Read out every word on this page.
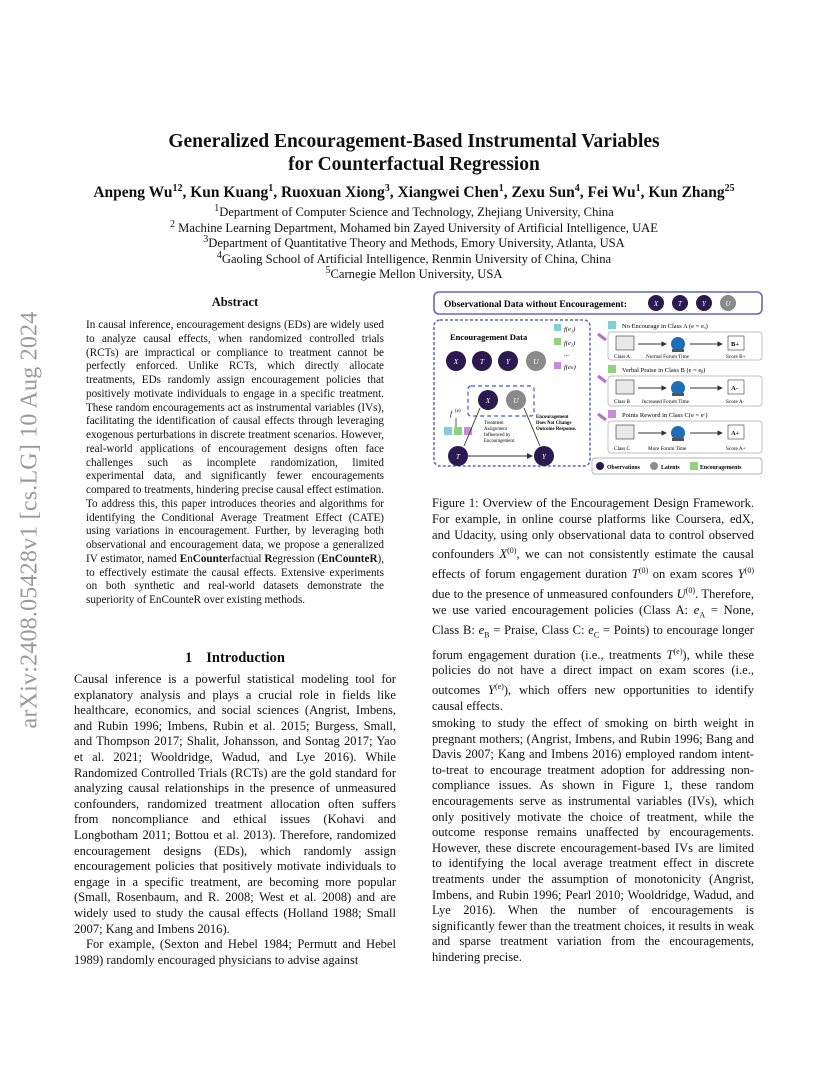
arXiv:2408.05428v1 [cs.LG] 10 Aug 2024
Generalized Encouragement-Based Instrumental Variables
for Counterfactual Regression
Anpeng Wu$^{12}$, Kun Kuang$^1$, Ruoxuan Xiong$^3$, Xiangwei Chen$^1$, Zexu Sun$^4$, Fei Wu$^1$, Kun Zhang$^{25}$
$^1$Department of Computer Science and Technology, Zhejiang University, China
$^2$ Machine Learning Department, Mohamed bin Zayed University of Artificial Intelligence, UAE
$^3$Department of Quantitative Theory and Methods, Emory University, Atlanta, USA
$^4$Gaoling School of Artificial Intelligence, Renmin University of China, China
$^5$Carnegie Mellon University, USA
Abstract
In causal inference, encouragement designs (EDs) are widely used to analyze causal effects, when randomized controlled trials (RCTs) are impractical or compliance to treatment cannot be perfectly enforced. Unlike RCTs, which directly allocate treatments, EDs randomly assign encouragement policies that positively motivate individuals to engage in a specific treatment. These random encouragements act as instrumental variables (IVs), facilitating the identification of causal effects through leveraging exogenous perturbations in discrete treatment scenarios. However, real-world applications of encouragement designs often face challenges such as incomplete randomization, limited experimental data, and significantly fewer encouragements compared to treatments, hindering precise causal effect estimation. To address this, this paper introduces theories and algorithms for identifying the Conditional Average Treatment Effect (CATE) using variations in encouragement. Further, by leveraging both observational and encouragement data, we propose a generalized IV estimator, named EnCounterfactual Regression (EnCounteR), to effectively estimate the causal effects. Extensive experiments on both synthetic and real-world datasets demonstrate the superiority of EnCounteR over existing methods.
1 Introduction

Causal inference is a powerful statistical modeling tool for explanatory analysis and plays a crucial role in fields like healthcare, economics, and social sciences (Angrist, Imbens, and Rubin 1996; Imbens, Rubin et al. 2015; Burgess, Small, and Thompson 2017; Shalit, Johansson, and Sontag 2017; Yao et al. 2021; Wooldridge, Wadud, and Lye 2016). While Randomized Controlled Trials (RCTs) are the gold standard for analyzing causal relationships in the presence of unmeasured confounders, randomized treatment allocation often suffers from noncompliance and ethical issues (Kohavi and Longbotham 2011; Bottou et al. 2013). Therefore, randomized encouragement designs (EDs), which randomly assign encouragement policies that positively motivate individuals to engage in a specific treatment, are becoming more popular (Small, Rosenbaum, and R. 2008; West et al. 2008) and are widely used to study the causal effects (Holland 1988; Small 2007; Kang and Imbens 2016).

For example, (Sexton and Hebel 1984; Permutt and Hebel 1989) randomly encouraged physicians to advise against

smoking to study the effect of smoking on birth weight in pregnant mothers; (Angrist, Imbens, and Rubin 1996; Bang and Davis 2007; Kang and Imbens 2016) employed random intent-to-treat to encourage treatment adoption for addressing non-compliance issues. As shown in Figure 1, these random encouragements serve as instrumental variables (IVs), which only positively motivate the choice of treatment, while the outcome response remains unaffected by encouragements. However, these discrete encouragement-based IVs are limited to identifying the local average treatment effect in discrete treatments under the assumption of monotonicity (Angrist, Imbens, and Rubin 1996; Pearl 2010; Wooldridge, Wadud, and Lye 2016). When the number of encouragements is significantly fewer than the treatment choices, it results in weak and sparse treatment variation from the encouragements, hindering precise.

Observational Data without Encouragement:	X	T	Y	U
Encouragement Data
X	T	Y	U
f(e₁)
f(e₂)
...
f(eₖ)
X	U
f (e)
Treatment
Assignment
Influenced by
Encouragement.
Encouragement
Does Not Change
Outcome Response.
T	Y
No Encourage in Class A (e = eₐ)
B+
Class A	Normal Forum Time	Score B+
Verbal Praise in Class B (e = eᵦ)
A-
Class B Increased Forum Time	Score A-
Points Reword in Class C(e = eᶜ)
A+
Class C	More Forum Time	Score A+
Observations	Latents	Encouragements
Figure 1: Overview of the Encouragement Design Framework. For example, in online course platforms like Coursera, edX, and Udacity, using only observational data to control observed confounders $X^{(0)}$, we can not consistently estimate the causal effects of forum engagement duration $T^{(0)}$ on exam scores $Y^{(0)}$ due to the presence of unmeasured confounders $U^{(0)}$. Therefore, we use varied encouragement policies (Class A: $e_A$ = None, Class B: $e_B$ = Praise, Class C: $e_C$ = Points) to encourage longer forum engagement duration (i.e., treatments $T^{(e)}$), while these policies do not have a direct impact on exam scores (i.e., outcomes $Y^{(e)}$), which offers new opportunities to identify causal effects.
